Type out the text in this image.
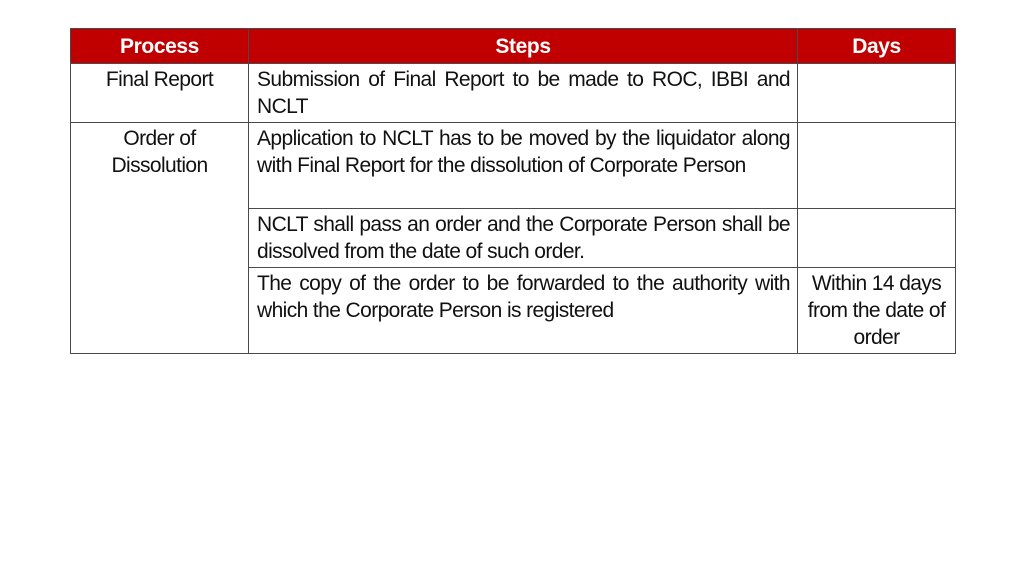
Process	Steps	Days
Final Report	Submission of Final Report to be made to ROC, IBBI and NCLT	
Order of Dissolution	Application to NCLT has to be moved by the liquidator along with Final Report for the dissolution of Corporate Person	
	NCLT shall pass an order and the Corporate Person shall be dissolved from the date of such order.	
	The copy of the order to be forwarded to the authority with which the Corporate Person is registered	Within 14 days from the date of order
